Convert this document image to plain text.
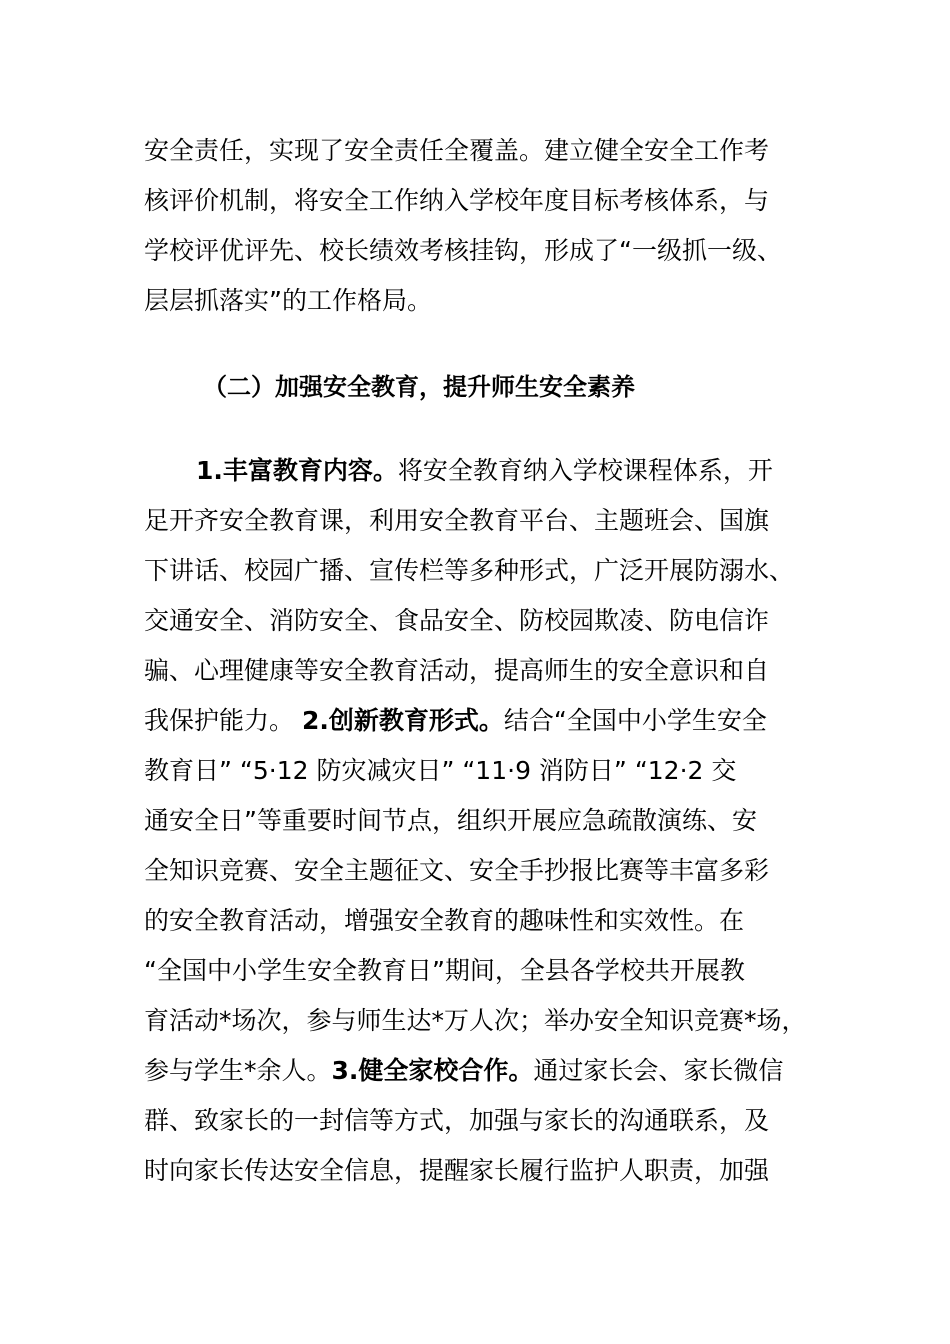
安全责任，实现了安全责任全覆盖。建立健全安全工作考
核评价机制，将安全工作纳入学校年度目标考核体系，与
学校评优评先、校长绩效考核挂钩，形成了“一级抓一级、
层层抓落实”的工作格局。
（二）加强安全教育，提升师生安全素养
1.丰富教育内容。将安全教育纳入学校课程体系，开
足开齐安全教育课，利用安全教育平台、主题班会、国旗
下讲话、校园广播、宣传栏等多种形式，广泛开展防溺水、
交通安全、消防安全、食品安全、防校园欺凌、防电信诈
骗、心理健康等安全教育活动，提高师生的安全意识和自
我保护能力。 2.创新教育形式。结合“全国中小学生安全
教育日” “5·12 防灾减灾日” “11·9 消防日” “12·2 交
通安全日”等重要时间节点，组织开展应急疏散演练、安
全知识竞赛、安全主题征文、安全手抄报比赛等丰富多彩
的安全教育活动，增强安全教育的趣味性和实效性。在
“全国中小学生安全教育日”期间，全县各学校共开展教
育活动*场次，参与师生达*万人次；举办安全知识竞赛*场，
参与学生*余人。3.健全家校合作。通过家长会、家长微信
群、致家长的一封信等方式，加强与家长的沟通联系，及
时向家长传达安全信息，提醒家长履行监护人职责，加强
